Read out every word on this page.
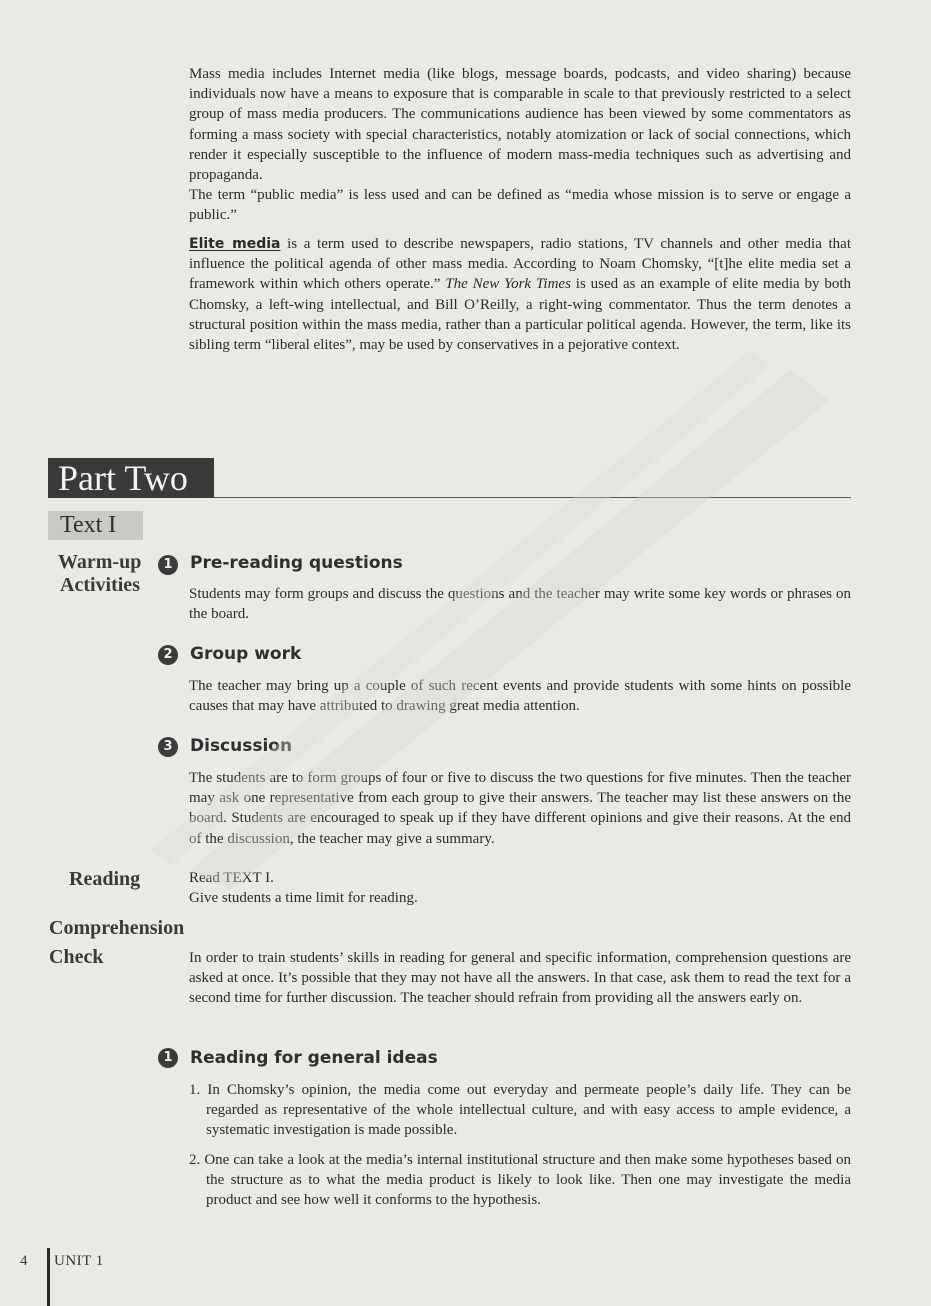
Mass media includes Internet media (like blogs, message boards, podcasts, and video sharing) because individuals now have a means to exposure that is comparable in scale to that previously restricted to a select group of mass media producers. The communications audience has been viewed by some commentators as forming a mass society with special characteristics, notably atomization or lack of social connections, which render it especially susceptible to the influence of modern mass-media techniques such as advertising and propaganda.

The term “public media” is less used and can be defined as “media whose mission is to serve or engage a public.”

Elite media is a term used to describe newspapers, radio stations, TV channels and other media that influence the political agenda of other mass media. According to Noam Chomsky, “[t]he elite media set a framework within which others operate.” The New York Times is used as an example of elite media by both Chomsky, a left-wing intellectual, and Bill O’Reilly, a right-wing commentator. Thus the term denotes a structural position within the mass media, rather than a particular political agenda. However, the term, like its sibling term “liberal elites”, may be used by conservatives in a pejorative context.

Part Two
Text I
Warm-up
Activities
1	Pre-reading questions
Students may form groups and discuss the questions and the teacher may write some key words or phrases on the board.
2	Group work
The teacher may bring up a couple of such recent events and provide students with some hints on possible causes that may have attributed to drawing great media attention.
3	Discussion
The students are to form groups of four or five to discuss the two questions for five minutes. Then the teacher may ask one representative from each group to give their answers. The teacher may list these answers on the board. Students are encouraged to speak up if they have different opinions and give their reasons. At the end of the discussion, the teacher may give a summary.
Reading	Read TEXT I.

Give students a time limit for reading.

Comprehension
Check	In order to train students’ skills in reading for general and specific information, comprehension questions are asked at once. It’s possible that they may not have all the answers. In that case, ask them to read the text for a second time for further discussion. The teacher should refrain from providing all the answers early on.
1	Reading for general ideas
1. In Chomsky’s opinion, the media come out everyday and permeate people’s daily life. They can be regarded as representative of the whole intellectual culture, and with easy access to ample evidence, a systematic investigation is made possible.
2. One can take a look at the media’s internal institutional structure and then make some hypotheses based on the structure as to what the media product is likely to look like. Then one may investigate the media product and see how well it conforms to the hypothesis.
4 UNIT 1
